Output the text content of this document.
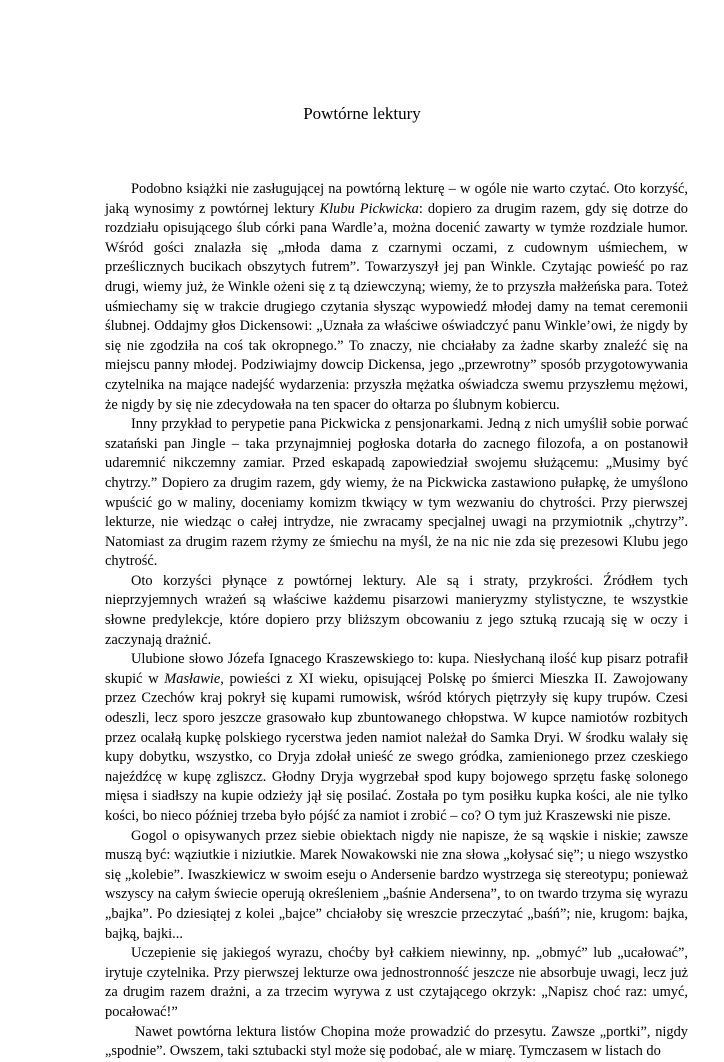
Powtórne lektury

Podobno książki nie zasługującej na powtórną lekturę – w ogóle nie warto czytać. Oto korzyść, jaką wynosimy z powtórnej lektury Klubu Pickwicka: dopiero za drugim razem, gdy się dotrze do rozdziału opisującego ślub córki pana Wardle’a, można docenić zawarty w tymże rozdziale humor. Wśród gości znalazła się „młoda dama z czarnymi oczami, z cudownym uśmiechem, w prześlicznych bucikach obszytych futrem”. Towarzyszył jej pan Winkle. Czytając powieść po raz drugi, wiemy już, że Winkle ożeni się z tą dziewczyną; wiemy, że to przyszła małżeńska para. Toteż uśmiechamy się w trakcie drugiego czytania słysząc wypowiedź młodej damy na temat ceremonii ślubnej. Oddajmy głos Dickensowi: „Uznała za właściwe oświadczyć panu Winkle’owi, że nigdy by się nie zgodziła na coś tak okropnego.” To znaczy, nie chciałaby za żadne skarby znaleźć się na miejscu panny młodej. Podziwiajmy dowcip Dickensa, jego „przewrotny” sposób przygotowywania czytelnika na mające nadejść wydarzenia: przyszła mężatka oświadcza swemu przyszłemu mężowi, że nigdy by się nie zdecydowała na ten spacer do ołtarza po ślubnym kobiercu.

Inny przykład to perypetie pana Pickwicka z pensjonarkami. Jedną z nich umyślił sobie porwać szatański pan Jingle – taka przynajmniej pogłoska dotarła do zacnego filozofa, a on postanowił udaremnić nikczemny zamiar. Przed eskapadą zapowiedział swojemu służącemu: „Musimy być chytrzy.” Dopiero za drugim razem, gdy wiemy, że na Pickwicka zastawiono pułapkę, że umyślono wpuścić go w maliny, doceniamy komizm tkwiący w tym wezwaniu do chytrości. Przy pierwszej lekturze, nie wiedząc o całej intrydze, nie zwracamy specjalnej uwagi na przymiotnik „chytrzy”. Natomiast za drugim razem rżymy ze śmiechu na myśl, że na nic nie zda się prezesowi Klubu jego chytrość.

Oto korzyści płynące z powtórnej lektury. Ale są i straty, przykrości. Źródłem tych nieprzyjemnych wrażeń są właściwe każdemu pisarzowi manieryzmy stylistyczne, te wszystkie słowne predylekcje, które dopiero przy bliższym obcowaniu z jego sztuką rzucają się w oczy i zaczynają drażnić.

Ulubione słowo Józefa Ignacego Kraszewskiego to: kupa. Niesłychaną ilość kup pisarz potrafił skupić w Masławie, powieści z XI wieku, opisującej Polskę po śmierci Mieszka II. Zawojowany przez Czechów kraj pokrył się kupami rumowisk, wśród których piętrzyły się kupy trupów. Czesi odeszli, lecz sporo jeszcze grasowało kup zbuntowanego chłopstwa. W kupce namiotów rozbitych przez ocalałą kupkę polskiego rycerstwa jeden namiot należał do Samka Dryi. W środku walały się kupy dobytku, wszystko, co Dryja zdołał unieść ze swego gródka, zamienionego przez czeskiego najeźdźcę w kupę zgliszcz. Głodny Dryja wygrzebał spod kupy bojowego sprzętu faskę solonego mięsa i siadłszy na kupie odzieży jął się posilać. Została po tym posiłku kupka kości, ale nie tylko kości, bo nieco później trzeba było pójść za namiot i zrobić – co? O tym już Kraszewski nie pisze.

Gogol o opisywanych przez siebie obiektach nigdy nie napisze, że są wąskie i niskie; zawsze muszą być: wąziutkie i niziutkie. Marek Nowakowski nie zna słowa „kołysać się”; u niego wszystko się „kolebie”. Iwaszkiewicz w swoim eseju o Andersenie bardzo wystrzega się stereotypu; ponieważ wszyscy na całym świecie operują określeniem „baśnie Andersena”, to on twardo trzyma się wyrazu „bajka”. Po dziesiątej z kolei „bajce” chciałoby się wreszcie przeczytać „baśń”; nie, krugom: bajka, bajką, bajki...

Uczepienie się jakiegoś wyrazu, choćby był całkiem niewinny, np. „obmyć” lub „ucałować”, irytuje czytelnika. Przy pierwszej lekturze owa jednostronność jeszcze nie absorbuje uwagi, lecz już za drugim razem drażni, a za trzecim wyrywa z ust czytającego okrzyk: „Napisz choć raz: umyć, pocałować!”

Nawet powtórna lektura listów Chopina może prowadzić do przesytu. Zawsze „portki”, nigdy „spodnie”. Owszem, taki sztubacki styl może się podobać, ale w miarę. Tymczasem w listach do
